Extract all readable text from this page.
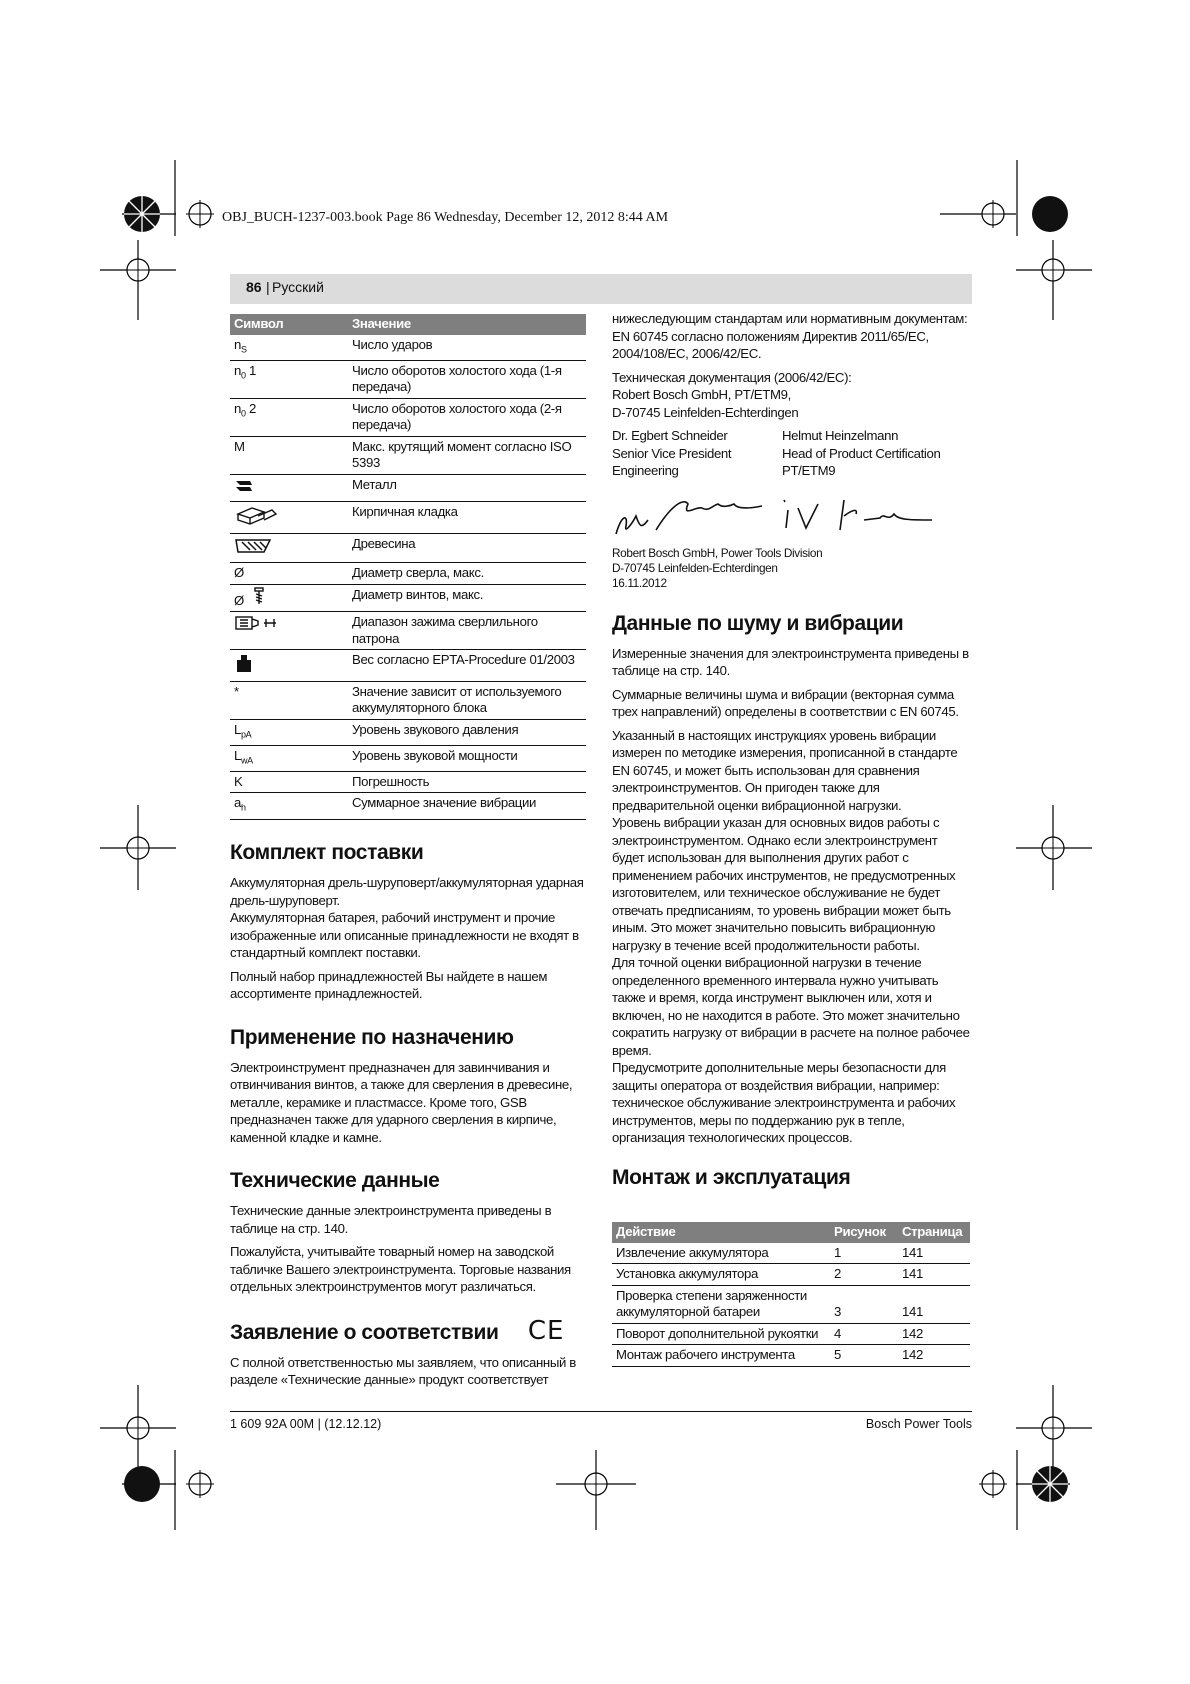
OBJ_BUCH-1237-003.book Page 86 Wednesday, December 12, 2012 8:44 AM
86 | Русский
Символ	Значение
$n_S$	Число ударов
$n_0$ 1	Число оборотов холостого хода (1-я передача)
$n_0$ 2	Число оборотов холостого хода (2-я передача)
M	Макс. крутящий момент согласно ISO 5393
	Металл
	Кирпичная кладка
	Древесина
Ø	Диаметр сверла, макс.
Ø	Диаметр винтов, макс.
	Диапазон зажима сверлильного патрона
	Вес согласно EPTA-Procedure 01/2003
*	Значение зависит от используемого аккумуляторного блока
$L_{pA}$	Уровень звукового давления
$L_{wA}$	Уровень звуковой мощности
K	Погрешность
$a_h$	Суммарное значение вибрации
Комплект поставки

Аккумуляторная дрель-шуруповерт/аккумуляторная ударная дрель-шуруповерт.

Аккумуляторная батарея, рабочий инструмент и прочие изображенные или описанные принадлежности не входят в стандартный комплект поставки.

Полный набор принадлежностей Вы найдете в нашем ассортименте принадлежностей.

Применение по назначению

Электроинструмент предназначен для завинчивания и отвинчивания винтов, а также для сверления в древесине, металле, керамике и пластмассе. Кроме того, GSB предназначен также для ударного сверления в кирпиче, каменной кладке и камне.

Технические данные

Технические данные электроинструмента приведены в таблице на стр. 140.

Пожалуйста, учитывайте товарный номер на заводской табличке Вашего электроинструмента. Торговые названия отдельных электроинструментов могут различаться.

Заявление о соответствии CE

С полной ответственностью мы заявляем, что описанный в разделе «Технические данные» продукт соответствует

нижеследующим стандартам или нормативным документам: EN 60745 согласно положениям Директив 2011/65/EC, 2004/108/EC, 2006/42/EC.

Техническая документация (2006/42/EC):

Robert Bosch GmbH, PT/ETM9,

D-70745 Leinfelden-Echterdingen

Dr. Egbert Schneider
Senior Vice President
Engineering
Helmut Heinzelmann
Head of Product Certification
PT/ETM9
Robert Bosch GmbH, Power Tools Division
D-70745 Leinfelden-Echterdingen
16.11.2012
Данные по шуму и вибрации

Измеренные значения для электроинструмента приведены в таблице на стр. 140.

Суммарные величины шума и вибрации (векторная сумма трех направлений) определены в соответствии с EN 60745.

Указанный в настоящих инструкциях уровень вибрации измерен по методике измерения, прописанной в стандарте EN 60745, и может быть использован для сравнения электроинструментов. Он пригоден также для предварительной оценки вибрационной нагрузки.

Уровень вибрации указан для основных видов работы с электроинструментом. Однако если электроинструмент будет использован для выполнения других работ с применением рабочих инструментов, не предусмотренных изготовителем, или техническое обслуживание не будет отвечать предписаниям, то уровень вибрации может быть иным. Это может значительно повысить вибрационную нагрузку в течение всей продолжительности работы.

Для точной оценки вибрационной нагрузки в течение определенного временного интервала нужно учитывать также и время, когда инструмент выключен или, хотя и включен, но не находится в работе. Это может значительно сократить нагрузку от вибрации в расчете на полное рабочее время.

Предусмотрите дополнительные меры безопасности для защиты оператора от воздействия вибрации, например: техническое обслуживание электроинструмента и рабочих инструментов, меры по поддержанию рук в тепле, организация технологических процессов.

Монтаж и эксплуатация
Действие	Рисунок	Страница
Извлечение аккумулятора	1	141
Установка аккумулятора	2	141
Проверка степени заряженности аккумуляторной батареи	3	141
Поворот дополнительной рукоятки	4	142
Монтаж рабочего инструмента	5	142
1 609 92A 00M | (12.12.12)	Bosch Power Tools
